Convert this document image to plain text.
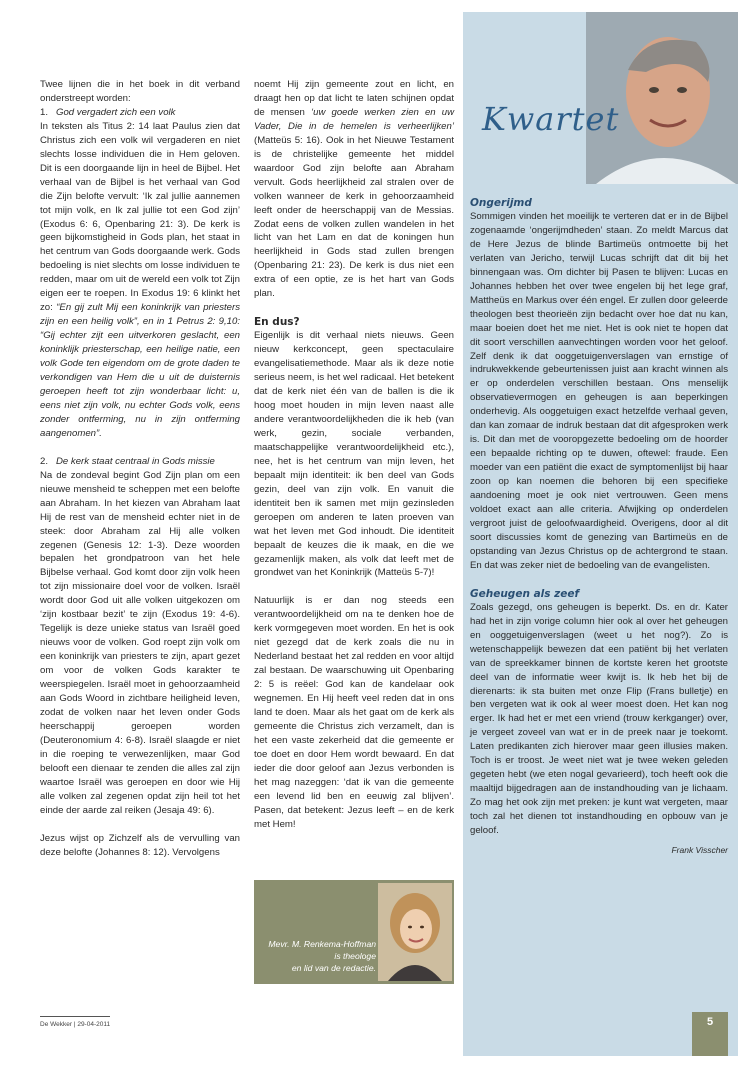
Twee lijnen die in het boek in dit verband onderstreept worden:

1. God vergadert zich een volk

In teksten als Titus 2: 14 laat Paulus zien dat Christus zich een volk wil vergaderen en niet slechts losse individuen die in Hem geloven. Dit is een doorgaande lijn in heel de Bijbel. Het verhaal van de Bijbel is het verhaal van God die Zijn belofte vervult: ‘Ik zal jullie aannemen tot mijn volk, en Ik zal jullie tot een God zijn’ (Exodus 6: 6, Openbaring 21: 3). De kerk is geen bijkomstigheid in Gods plan, het staat in het centrum van Gods doorgaande werk. Gods bedoeling is niet slechts om losse individuen te redden, maar om uit de wereld een volk tot Zijn eigen eer te roepen. In Exodus 19: 6 klinkt het zo: “En gij zult Mij een koninkrijk van priesters zijn en een heilig volk”, en in 1 Petrus 2: 9,10: “Gij echter zijt een uitverkoren geslacht, een koninklijk priesterschap, een heilige natie, een volk Gode ten eigendom om de grote daden te verkondigen van Hem die u uit de duisternis geroepen heeft tot zijn wonderbaar licht: u, eens niet zijn volk, nu echter Gods volk, eens zonder ontferming, nu in zijn ontferming aangenomen”.

2. De kerk staat centraal in Gods missie

Na de zondeval begint God Zijn plan om een nieuwe mensheid te scheppen met een belofte aan Abraham. In het kiezen van Abraham laat Hij de rest van de mensheid echter niet in de steek: door Abraham zal Hij alle volken zegenen (Genesis 12: 1-3). Deze woorden bepalen het grondpatroon van het hele Bijbelse verhaal. God komt door zijn volk heen tot zijn missionaire doel voor de volken. Israël wordt door God uit alle volken uitgekozen om ‘zijn kostbaar bezit’ te zijn (Exodus 19: 4-6). Tegelijk is deze unieke status van Israël goed nieuws voor de volken. God roept zijn volk om een koninkrijk van priesters te zijn, apart gezet om voor de volken Gods karakter te weerspiegelen. Israël moet in gehoorzaamheid aan Gods Woord in zichtbare heiligheid leven, zodat de volken naar het leven onder Gods heerschappij geroepen worden (Deuteronomium 4: 6-8). Israël slaagde er niet in die roeping te verwezenlijken, maar God belooft een dienaar te zenden die alles zal zijn waartoe Israël was geroepen en door wie Hij alle volken zal zegenen opdat zijn heil tot het einde der aarde zal reiken (Jesaja 49: 6).

Jezus wijst op Zichzelf als de vervulling van deze belofte (Johannes 8: 12). Vervolgens

noemt Hij zijn gemeente zout en licht, en draagt hen op dat licht te laten schijnen opdat de mensen ‘uw goede werken zien en uw Vader, Die in de hemelen is verheerlijken’ (Matteüs 5: 16). Ook in het Nieuwe Testament is de christelijke gemeente het middel waardoor God zijn belofte aan Abraham vervult. Gods heerlijkheid zal stralen over de volken wanneer de kerk in gehoorzaamheid leeft onder de heerschappij van de Messias. Zodat eens de volken zullen wandelen in het licht van het Lam en dat de koningen hun heerlijkheid in Gods stad zullen brengen (Openbaring 21: 23). De kerk is dus niet een extra of een optie, ze is het hart van Gods plan.

En dus?

Eigenlijk is dit verhaal niets nieuws. Geen nieuw kerkconcept, geen spectaculaire evangelisatiemethode. Maar als ik deze notie serieus neem, is het wel radicaal. Het betekent dat de kerk niet één van de ballen is die ik hoog moet houden in mijn leven naast alle andere verantwoordelijkheden die ik heb (van werk, gezin, sociale verbanden, maatschappelijke verantwoordelijkheid etc.), nee, het is het centrum van mijn leven, het bepaalt mijn identiteit: ik ben deel van Gods gezin, deel van zijn volk. En vanuit die identiteit ben ik samen met mijn gezinsleden geroepen om anderen te laten proeven van wat het leven met God inhoudt. Die identiteit bepaalt de keuzes die ik maak, en die we gezamenlijk maken, als volk dat leeft met de grondwet van het Koninkrijk (Matteüs 5-7)!

Natuurlijk is er dan nog steeds een verantwoordelijkheid om na te denken hoe de kerk vormgegeven moet worden. En het is ook niet gezegd dat de kerk zoals die nu in Nederland bestaat het zal redden en voor altijd zal bestaan. De waarschuwing uit Openbaring 2: 5 is reëel: God kan de kandelaar ook wegnemen. En Hij heeft veel reden dat in ons land te doen. Maar als het gaat om de kerk als gemeente die Christus zich verzamelt, dan is het een vaste zekerheid dat die gemeente er toe doet en door Hem wordt bewaard. En dat ieder die door geloof aan Jezus verbonden is het mag nazeggen: ‘dat ik van die gemeente een levend lid ben en eeuwig zal blijven’. Pasen, dat betekent: Jezus leeft – en de kerk met Hem!

Mevr. M. Renkema-Hoffman
is theologe
en lid van de redactie.
Kwartet
Ongerijmd

Sommigen vinden het moeilijk te verteren dat er in de Bijbel zogenaamde ‘ongerijmdheden’ staan. Zo meldt Marcus dat de Here Jezus de blinde Bartimeüs ontmoette bij het verlaten van Jericho, terwijl Lucas schrijft dat dit bij het binnengaan was. Om dichter bij Pasen te blijven: Lucas en Johannes hebben het over twee engelen bij het lege graf, Mattheüs en Markus over één engel. Er zullen door geleerde theologen best theorieën zijn bedacht over hoe dat nu kan, maar boeien doet het me niet. Het is ook niet te hopen dat dit soort verschillen aanvechtingen worden voor het geloof. Zelf denk ik dat ooggetuigenverslagen van ernstige of indrukwekkende gebeurtenissen juist aan kracht winnen als er op onderdelen verschillen bestaan. Ons menselijk observatievermogen en geheugen is aan beperkingen onderhevig. Als ooggetuigen exact hetzelfde verhaal geven, dan kan zomaar de indruk bestaan dat dit afgesproken werk is. Dit dan met de vooropgezette bedoeling om de hoorder een bepaalde richting op te duwen, oftewel: fraude. Een moeder van een patiënt die exact de symptomenlijst bij haar zoon op kan noemen die behoren bij een specifieke aandoening moet je ook niet vertrouwen. Geen mens voldoet exact aan alle criteria. Afwijking op onderdelen vergroot juist de geloofwaardigheid. Overigens, door al dit soort discussies komt de genezing van Bartimeüs en de opstanding van Jezus Christus op de achtergrond te staan. En dat was zeker niet de bedoeling van de evangelisten.

Geheugen als zeef

Zoals gezegd, ons geheugen is beperkt. Ds. en dr. Kater had het in zijn vorige column hier ook al over het geheugen en ooggetuigenverslagen (weet u het nog?). Zo is wetenschappelijk bewezen dat een patiënt bij het verlaten van de spreekkamer binnen de kortste keren het grootste deel van de informatie weer kwijt is. Ik heb het bij de dierenarts: ik sta buiten met onze Flip (Frans bulletje) en ben vergeten wat ik ook al weer moest doen. Het kan nog erger. Ik had het er met een vriend (trouw kerkganger) over, je vergeet zoveel van wat er in de preek naar je toekomt. Laten predikanten zich hierover maar geen illusies maken. Toch is er troost. Je weet niet wat je twee weken geleden gegeten hebt (we eten nogal gevarieerd), toch heeft ook die maaltijd bijgedragen aan de instandhouding van je lichaam. Zo mag het ook zijn met preken: je kunt wat vergeten, maar toch zal het dienen tot instandhouding en opbouw van je geloof.

Frank Visscher
De Wekker | 29-04-2011	5
